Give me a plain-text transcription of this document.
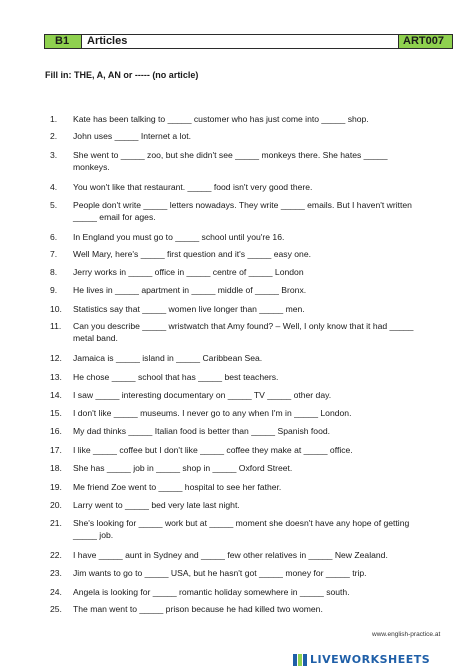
B1	Articles	ART007
Fill in: THE, A, AN or ----- (no article)
1.	Kate has been talking to _____ customer who has just come into _____ shop.
2.	John uses _____ Internet a lot.
3.	She went to _____ zoo, but she didn't see _____ monkeys there. She hates _____
monkeys.
4.	You won't like that restaurant. _____ food isn't very good there.
5.	People don't write _____ letters nowadays. They write _____ emails. But I haven't written
_____ email for ages.
6.	In England you must go to _____ school until you're 16.
7.	Well Mary, here's _____ first question and it's _____ easy one.
8.	Jerry works in _____ office in _____ centre of _____ London
9.	He lives in _____ apartment in _____ middle of _____ Bronx.
10.	Statistics say that _____ women live longer than _____ men.
11.	Can you describe _____ wristwatch that Amy found? – Well, I only know that it had _____
metal band.
12.	Jamaica is _____ island in _____ Caribbean Sea.
13.	He chose _____ school that has _____ best teachers.
14.	I saw _____ interesting documentary on _____ TV _____ other day.
15.	I don't like _____ museums. I never go to any when I'm in _____ London.
16.	My dad thinks _____ Italian food is better than _____ Spanish food.
17.	I like _____ coffee but I don't like _____ coffee they make at _____ office.
18.	She has _____ job in _____ shop in _____ Oxford Street.
19.	Me friend Zoe went to _____ hospital to see her father.
20.	Larry went to _____ bed very late last night.
21.	She's looking for _____ work but at _____ moment she doesn't have any hope of getting
_____ job.
22.	I have _____ aunt in Sydney and _____ few other relatives in _____ New Zealand.
23.	Jim wants to go to _____ USA, but he hasn't got _____ money for _____ trip.
24.	Angela is looking for _____ romantic holiday somewhere in _____ south.
25.	The man went to _____ prison because he had killed two women.
www.english-practice.at
LIVEWORKSHEETS
